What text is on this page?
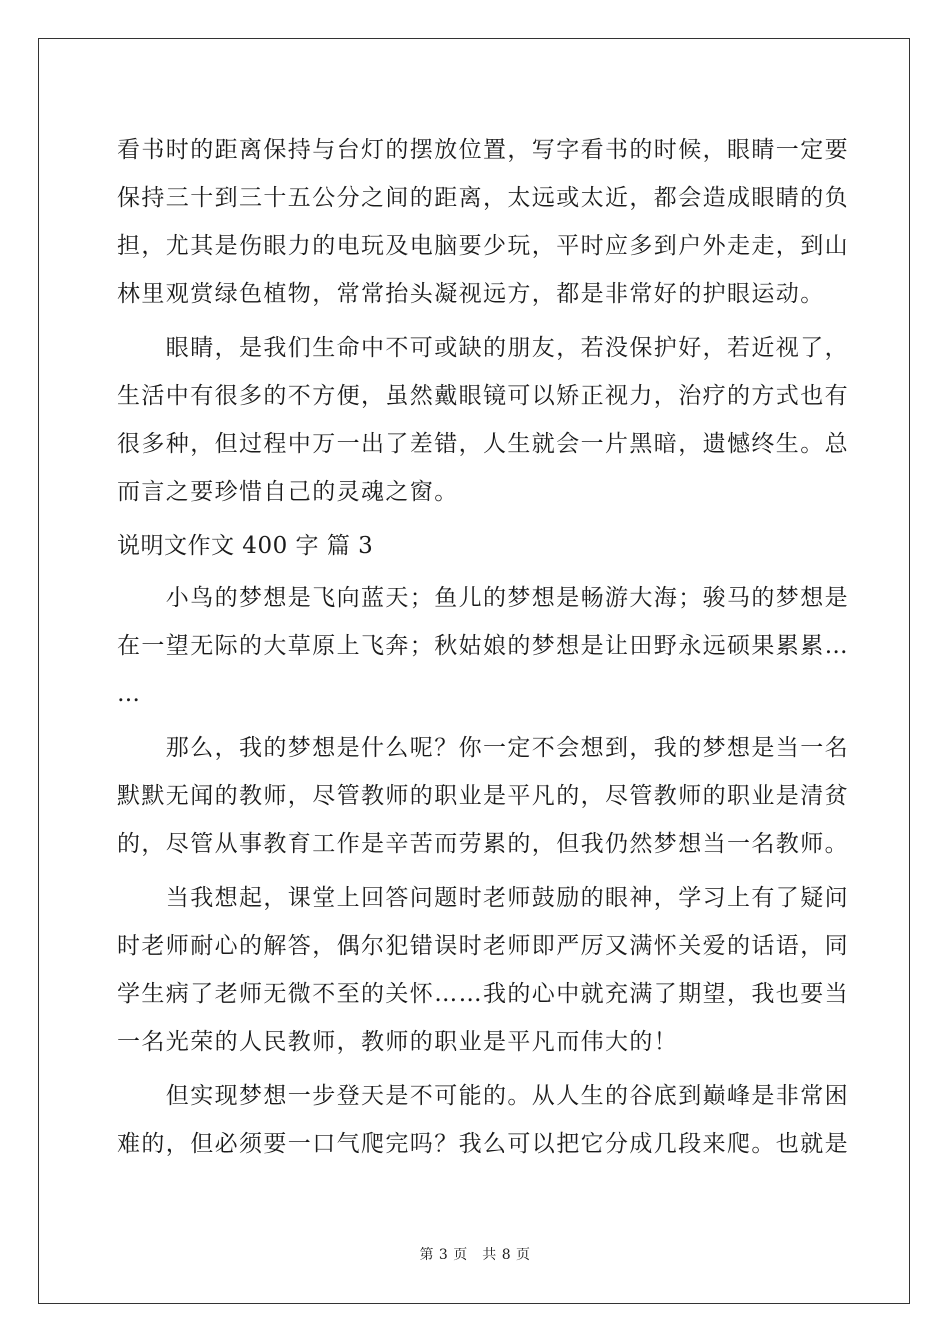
看书时的距离保持与台灯的摆放位置，写字看书的时候，眼睛一定要
保持三十到三十五公分之间的距离，太远或太近，都会造成眼睛的负
担，尤其是伤眼力的电玩及电脑要少玩，平时应多到户外走走，到山
林里观赏绿色植物，常常抬头凝视远方，都是非常好的护眼运动。
　　眼睛，是我们生命中不可或缺的朋友，若没保护好，若近视了，
生活中有很多的不方便，虽然戴眼镜可以矫正视力，治疗的方式也有
很多种，但过程中万一出了差错，人生就会一片黑暗，遗憾终生。总
而言之要珍惜自己的灵魂之窗。
说明文作文 400 字 篇 3
　　小鸟的梦想是飞向蓝天；鱼儿的梦想是畅游大海；骏马的梦想是
在一望无际的大草原上飞奔；秋姑娘的梦想是让田野永远硕果累累…
…
　　那么，我的梦想是什么呢？你一定不会想到，我的梦想是当一名
默默无闻的教师，尽管教师的职业是平凡的，尽管教师的职业是清贫
的，尽管从事教育工作是辛苦而劳累的，但我仍然梦想当一名教师。
　　当我想起，课堂上回答问题时老师鼓励的眼神，学习上有了疑问
时老师耐心的解答，偶尔犯错误时老师即严厉又满怀关爱的话语，同
学生病了老师无微不至的关怀……我的心中就充满了期望，我也要当
一名光荣的人民教师，教师的职业是平凡而伟大的！
　　但实现梦想一步登天是不可能的。从人生的谷底到巅峰是非常困
难的，但必须要一口气爬完吗？我么可以把它分成几段来爬。也就是
第 3 页　共 8 页
